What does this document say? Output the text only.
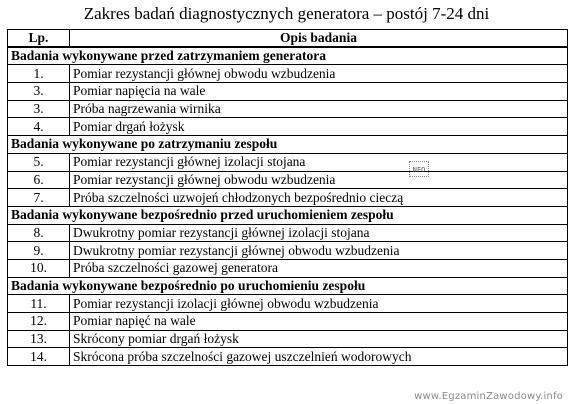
Zakres badań diagnostycznych generatora – postój 7-24 dni
Lp.	Opis badania
Badania wykonywane przed zatrzymaniem generatora	
1.	Pomiar rezystancji głównej obwodu wzbudzenia
3.	Pomiar napięcia na wale
3.	Próba nagrzewania wirnika
4.	Pomiar drgań łożysk
Badania wykonywane po zatrzymaniu zespołu	
5.	Pomiar rezystancji głównej izolacji stojana
6.	Pomiar rezystancji głównej obwodu wzbudzenia
7.	Próba szczelności uzwojeń chłodzonych bezpośrednio cieczą
Badania wykonywane bezpośrednio przed uruchomieniem zespołu	
8.	Dwukrotny pomiar rezystancji głównej izolacji stojana
9.	Dwukrotny pomiar rezystancji głównej obwodu wzbudzenia
10.	Próba szczelności gazowej generatora
Badania wykonywane bezpośrednio po uruchomieniu zespołu	
11.	Pomiar rezystancji izolacji głównej obwodu wzbudzenia
12.	Pomiar napięć na wale
13.	Skrócony pomiar drgań łożysk
14.	Skrócona próba szczelności gazowej uszczelnień wodorowych
NFO
www.EgzaminZawodowy.info
